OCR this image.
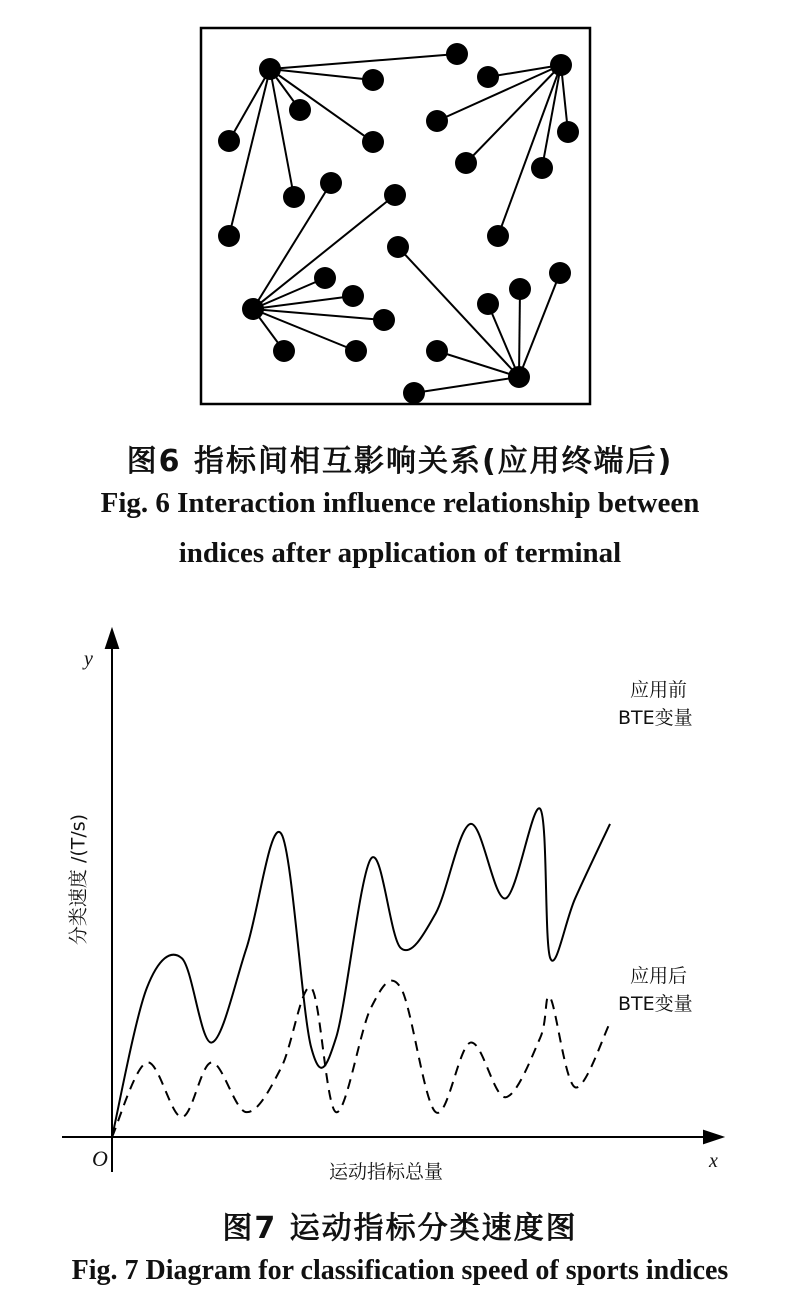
图6 指标间相互影响关系(应用终端后)
Fig. 6 Interaction influence relationship between
indices after application of terminal
y
x
O
分类速度 /(T/s)
运动指标总量
应用前
BTE变量
应用后
BTE变量
图7 运动指标分类速度图
Fig. 7 Diagram for classification speed of sports indices
